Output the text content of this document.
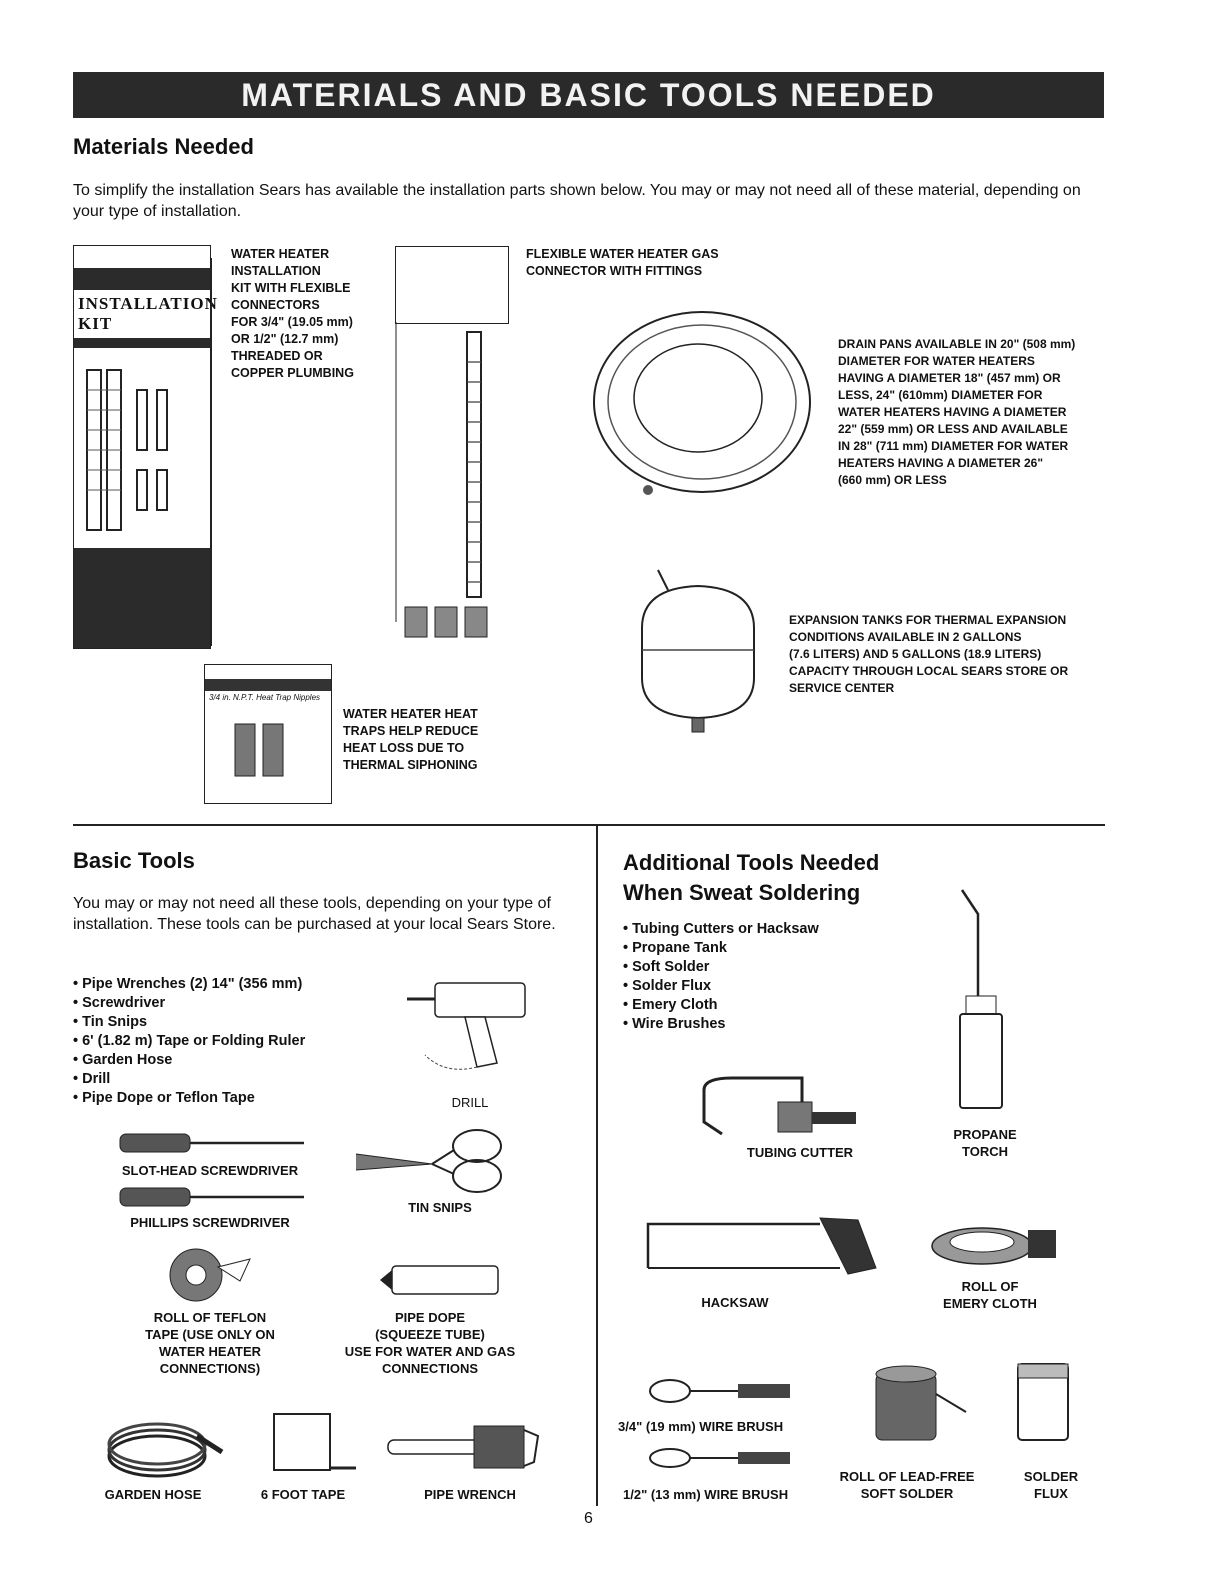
MATERIALS AND BASIC TOOLS NEEDED
Materials Needed
To simplify the installation Sears has available the installation parts shown below. You may or may not need all of these material, depending on your type of installation.
INSTALLATION KIT
WATER HEATER
INSTALLATION
KIT WITH FLEXIBLE
CONNECTORS
FOR 3/4" (19.05 mm)
OR 1/2" (12.7 mm)
THREADED OR
COPPER PLUMBING
FLEXIBLE WATER HEATER GAS
CONNECTOR WITH FITTINGS
DRAIN PANS AVAILABLE IN 20" (508 mm)
DIAMETER FOR WATER HEATERS
HAVING A DIAMETER 18" (457 mm) OR
LESS, 24" (610mm) DIAMETER FOR
WATER HEATERS HAVING A DIAMETER
22" (559 mm) OR LESS AND AVAILABLE
IN 28" (711 mm) DIAMETER FOR WATER
HEATERS HAVING A DIAMETER 26"
(660 mm) OR LESS
EXPANSION TANKS FOR THERMAL EXPANSION
CONDITIONS AVAILABLE IN 2 GALLONS
(7.6 LITERS) AND 5 GALLONS (18.9 LITERS)
CAPACITY THROUGH LOCAL SEARS STORE OR
SERVICE CENTER
3/4 in. N.P.T. Heat Trap Nipples
WATER HEATER HEAT
TRAPS HELP REDUCE
HEAT LOSS DUE TO
THERMAL SIPHONING
Basic Tools
You may or may not need all these tools, depending on your type of installation. These tools can be purchased at your local Sears Store.
• Pipe Wrenches (2) 14" (356 mm)
• Screwdriver
• Tin Snips
• 6' (1.82 m) Tape or Folding Ruler
• Garden Hose
• Drill
• Pipe Dope or Teflon Tape	DRILL
SLOT-HEAD SCREWDRIVER
PHILLIPS SCREWDRIVER
TIN SNIPS
ROLL OF TEFLON
TAPE (USE ONLY ON
WATER HEATER
CONNECTIONS)
PIPE DOPE
(SQUEEZE TUBE)
USE FOR WATER AND GAS
CONNECTIONS
GARDEN HOSE	6 FOOT TAPE	PIPE WRENCH
Additional Tools Needed
When Sweat Soldering
• Tubing Cutters or Hacksaw
• Propane Tank
• Soft Solder
• Solder Flux
• Emery Cloth
• Wire Brushes
PROPANE
TORCH
TUBING CUTTER
HACKSAW
ROLL OF
EMERY CLOTH
3/4" (19 mm) WIRE BRUSH
1/2" (13 mm) WIRE BRUSH
ROLL OF LEAD-FREE
SOFT SOLDER
SOLDER
FLUX
6
